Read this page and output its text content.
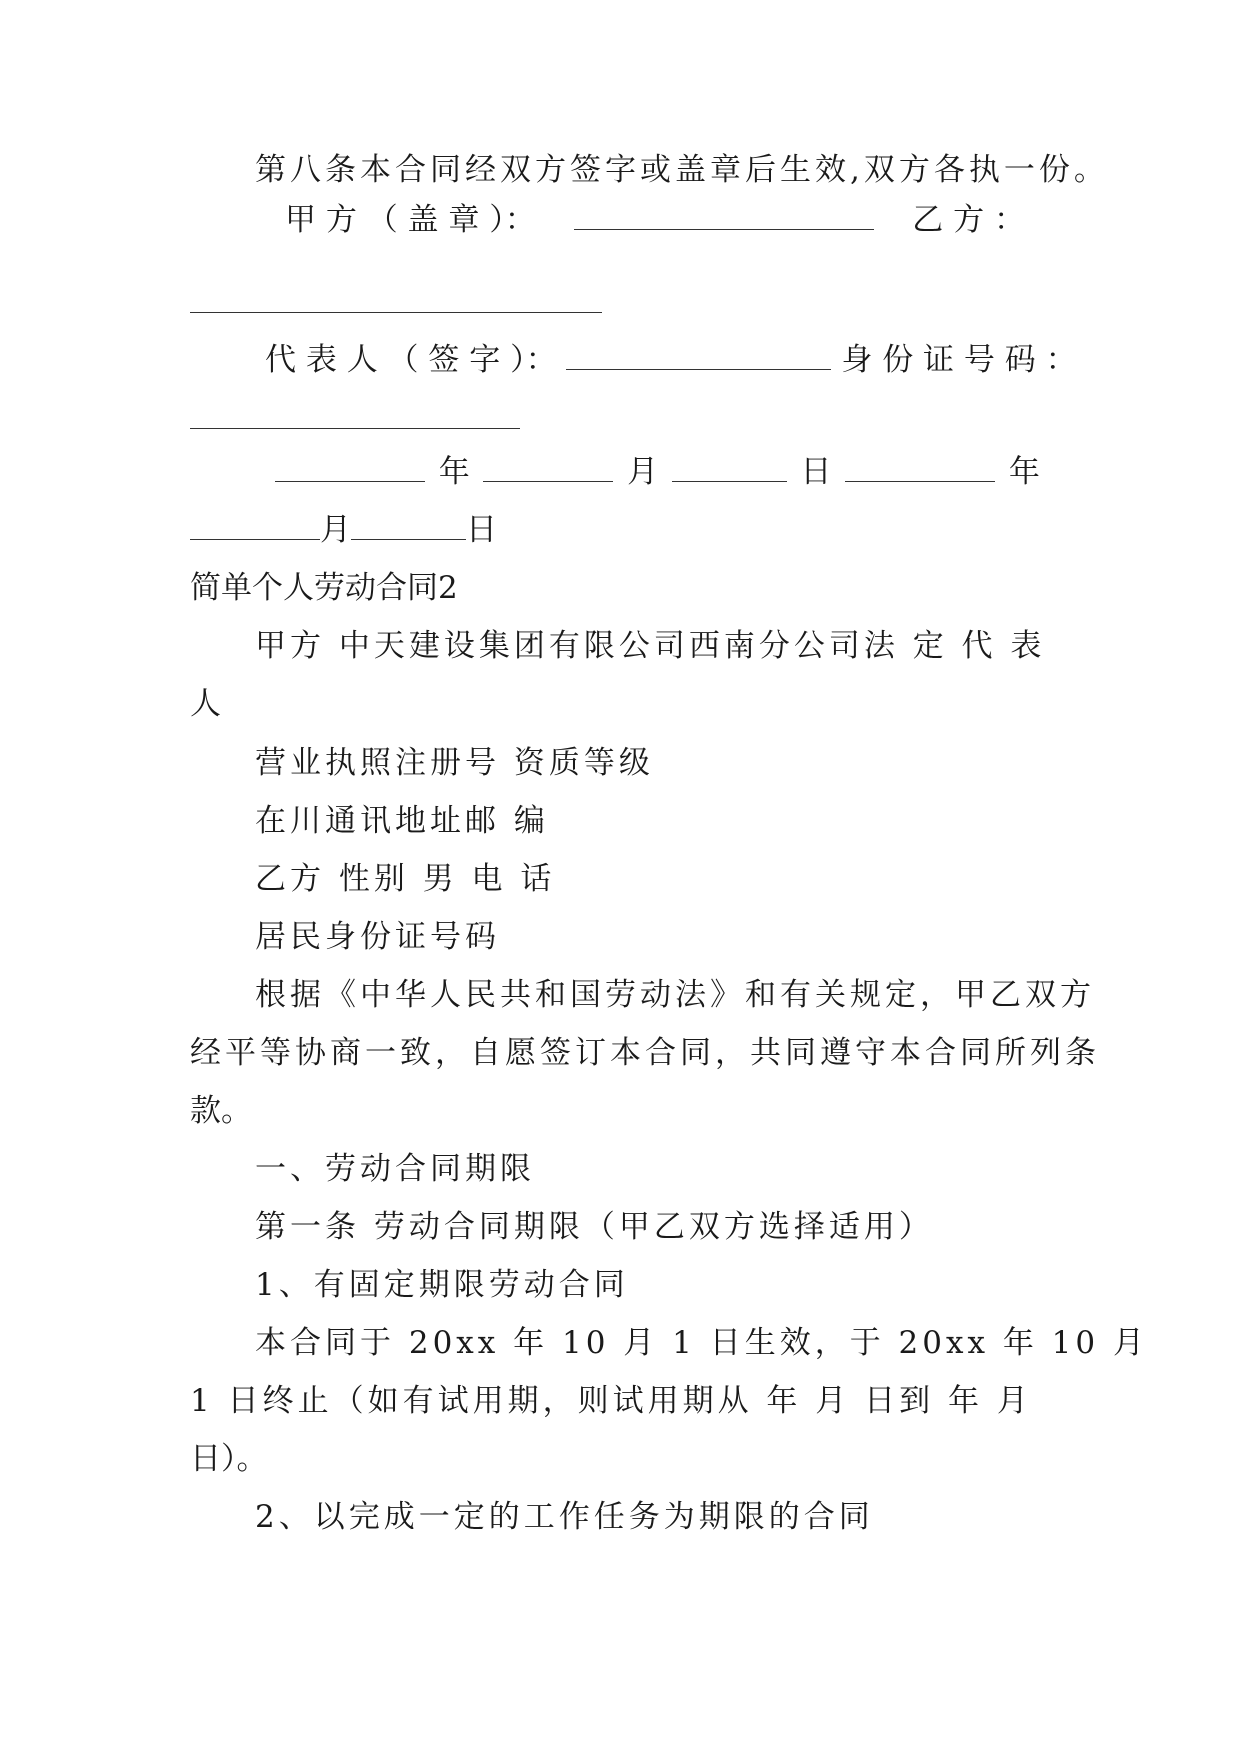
第八条本合同经双方签字或盖章后生效,双方各执一份。
甲 方 （ 盖 章 ）：	乙 方 ：
代 表 人 （ 签 字 ）：	身 份 证 号 码 ：
年	月	日	年
月	日
简单个人劳动合同2
甲方 中天建设集团有限公司西南分公司法 定 代 表
人
营业执照注册号 资质等级
在川通讯地址邮 编
乙方 性别 男 电 话
居民身份证号码
根据《中华人民共和国劳动法》和有关规定，甲乙双方
经平等协商一致，自愿签订本合同，共同遵守本合同所列条
款。
一、劳动合同期限
第一条 劳动合同期限（甲乙双方选择适用）
1、有固定期限劳动合同
本合同于 20xx 年 10 月 1 日生效，于 20xx 年 10 月
1 日终止（如有试用期，则试用期从 年 月 日到 年 月
日）。
2、以完成一定的工作任务为期限的合同
